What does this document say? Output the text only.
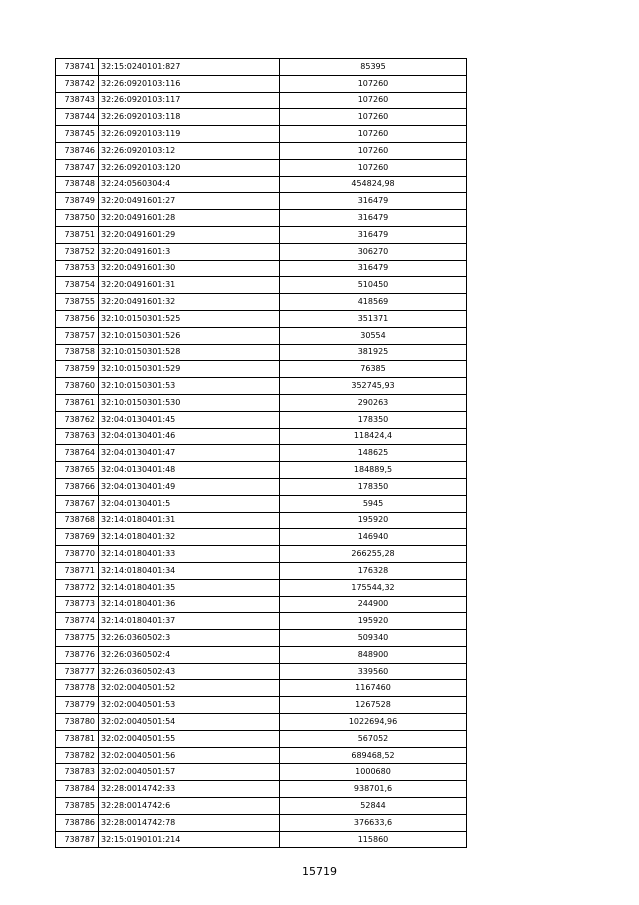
738741	32:15:0240101:827	85395
738742	32:26:0920103:116	107260
738743	32:26:0920103:117	107260
738744	32:26:0920103:118	107260
738745	32:26:0920103:119	107260
738746	32:26:0920103:12	107260
738747	32:26:0920103:120	107260
738748	32:24:0560304:4	454824,98
738749	32:20:0491601:27	316479
738750	32:20:0491601:28	316479
738751	32:20:0491601:29	316479
738752	32:20:0491601:3	306270
738753	32:20:0491601:30	316479
738754	32:20:0491601:31	510450
738755	32:20:0491601:32	418569
738756	32:10:0150301:525	351371
738757	32:10:0150301:526	30554
738758	32:10:0150301:528	381925
738759	32:10:0150301:529	76385
738760	32:10:0150301:53	352745,93
738761	32:10:0150301:530	290263
738762	32:04:0130401:45	178350
738763	32:04:0130401:46	118424,4
738764	32:04:0130401:47	148625
738765	32:04:0130401:48	184889,5
738766	32:04:0130401:49	178350
738767	32:04:0130401:5	5945
738768	32:14:0180401:31	195920
738769	32:14:0180401:32	146940
738770	32:14:0180401:33	266255,28
738771	32:14:0180401:34	176328
738772	32:14:0180401:35	175544,32
738773	32:14:0180401:36	244900
738774	32:14:0180401:37	195920
738775	32:26:0360502:3	509340
738776	32:26:0360502:4	848900
738777	32:26:0360502:43	339560
738778	32:02:0040501:52	1167460
738779	32:02:0040501:53	1267528
738780	32:02:0040501:54	1022694,96
738781	32:02:0040501:55	567052
738782	32:02:0040501:56	689468,52
738783	32:02:0040501:57	1000680
738784	32:28:0014742:33	938701,6
738785	32:28:0014742:6	52844
738786	32:28:0014742:78	376633,6
738787	32:15:0190101:214	115860
15719
